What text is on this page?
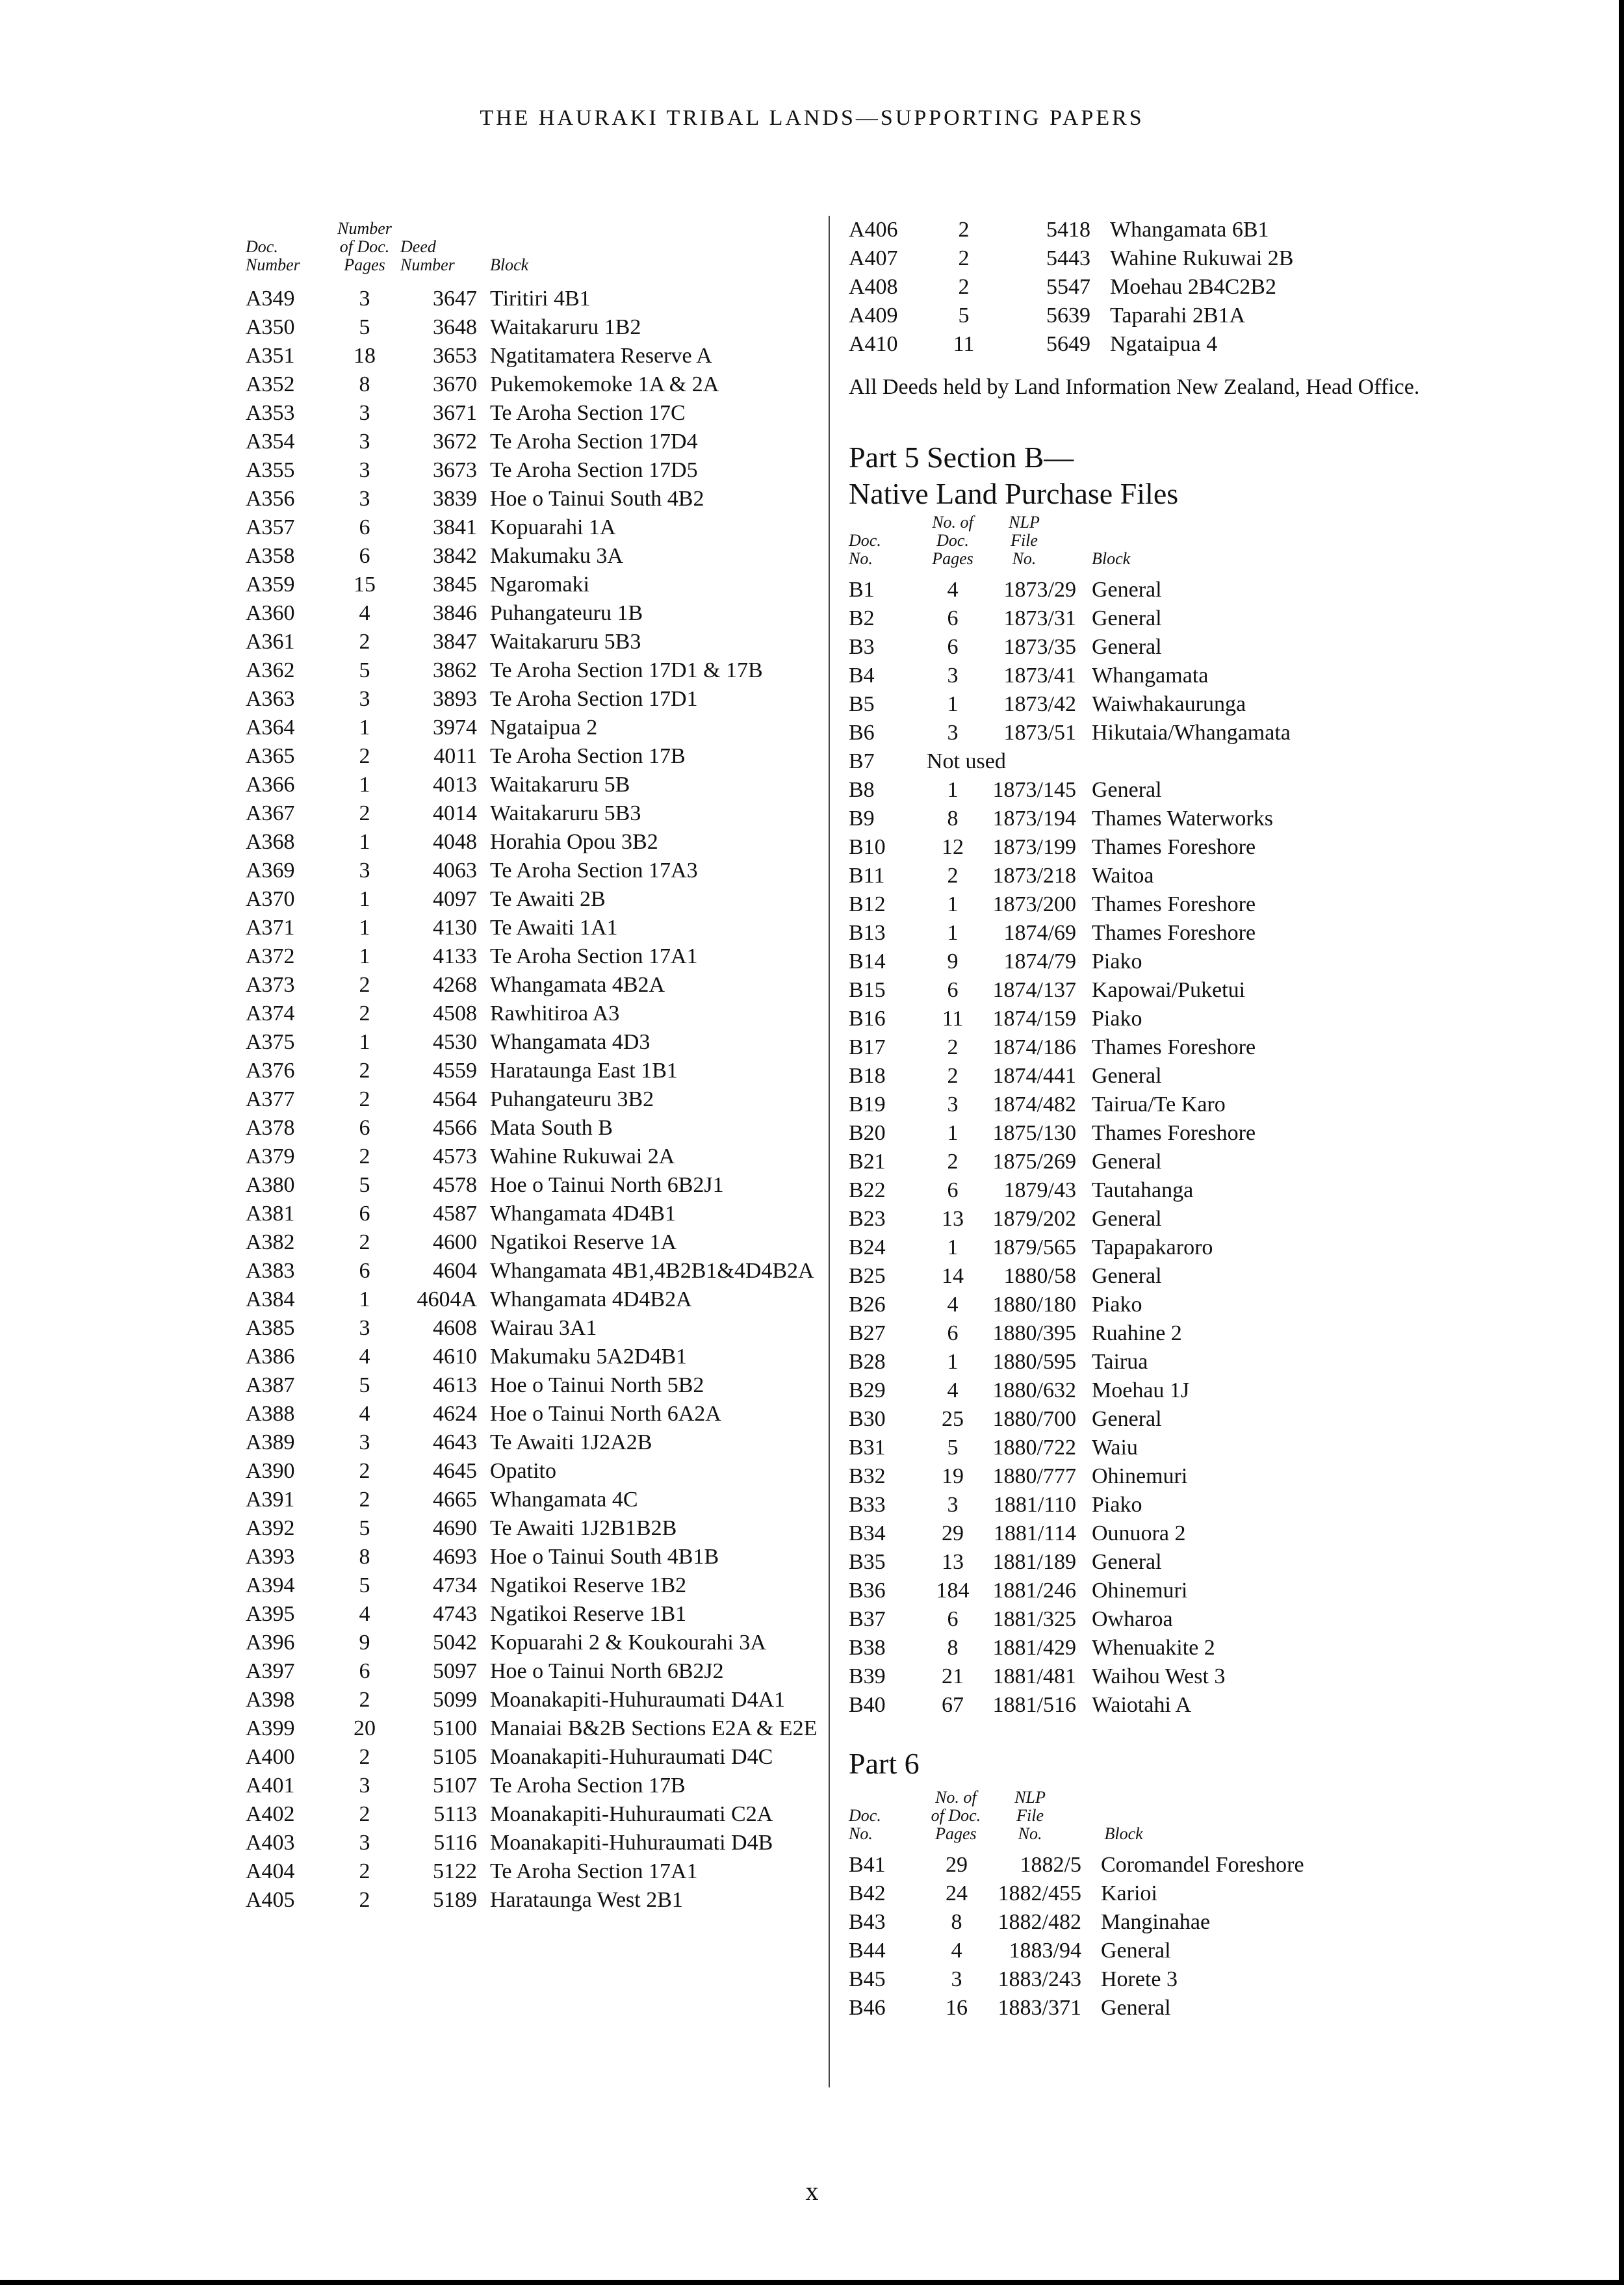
THE HAURAKI TRIBAL LANDS—SUPPORTING PAPERS
Doc.
Number
Number
of Doc.
Pages
Deed
Number	Block
A349	3	3647 Tiritiri 4B1
A350	5	3648 Waitakaruru 1B2
A351	18	3653 Ngatitamatera Reserve A
A352	8	3670 Pukemokemoke 1A & 2A
A353	3	3671 Te Aroha Section 17C
A354	3	3672 Te Aroha Section 17D4
A355	3	3673 Te Aroha Section 17D5
A356	3	3839 Hoe o Tainui South 4B2
A357	6	3841 Kopuarahi 1A
A358	6	3842 Makumaku 3A
A359	15	3845 Ngaromaki
A360	4	3846 Puhangateuru 1B
A361	2	3847 Waitakaruru 5B3
A362	5	3862 Te Aroha Section 17D1 & 17B
A363	3	3893 Te Aroha Section 17D1
A364	1	3974 Ngataipua 2
A365	2	4011 Te Aroha Section 17B
A366	1	4013 Waitakaruru 5B
A367	2	4014 Waitakaruru 5B3
A368	1	4048 Horahia Opou 3B2
A369	3	4063 Te Aroha Section 17A3
A370	1	4097 Te Awaiti 2B
A371	1	4130 Te Awaiti 1A1
A372	1	4133 Te Aroha Section 17A1
A373	2	4268 Whangamata 4B2A
A374	2	4508 Rawhitiroa A3
A375	1	4530 Whangamata 4D3
A376	2	4559 Harataunga East 1B1
A377	2	4564 Puhangateuru 3B2
A378	6	4566 Mata South B
A379	2	4573 Wahine Rukuwai 2A
A380	5	4578 Hoe o Tainui North 6B2J1
A381	6	4587 Whangamata 4D4B1
A382	2	4600 Ngatikoi Reserve 1A
A383	6	4604 Whangamata 4B1,4B2B1&4D4B2A
A384	1	4604A Whangamata 4D4B2A
A385	3	4608 Wairau 3A1
A386	4	4610 Makumaku 5A2D4B1
A387	5	4613 Hoe o Tainui North 5B2
A388	4	4624 Hoe o Tainui North 6A2A
A389	3	4643 Te Awaiti 1J2A2B
A390	2	4645 Opatito
A391	2	4665 Whangamata 4C
A392	5	4690 Te Awaiti 1J2B1B2B
A393	8	4693 Hoe o Tainui South 4B1B
A394	5	4734 Ngatikoi Reserve 1B2
A395	4	4743 Ngatikoi Reserve 1B1
A396	9	5042 Kopuarahi 2 & Koukourahi 3A
A397	6	5097 Hoe o Tainui North 6B2J2
A398	2	5099 Moanakapiti-Huhuraumati D4A1
A399	20	5100 Manaiai B&2B Sections E2A & E2E
A400	2	5105 Moanakapiti-Huhuraumati D4C
A401	3	5107 Te Aroha Section 17B
A402	2	5113 Moanakapiti-Huhuraumati C2A
A403	3	5116 Moanakapiti-Huhuraumati D4B
A404	2	5122 Te Aroha Section 17A1
A405	2	5189 Harataunga West 2B1
A406	2	5418 Whangamata 6B1
A407	2	5443 Wahine Rukuwai 2B
A408	2	5547 Moehau 2B4C2B2
A409	5	5639 Taparahi 2B1A
A410	11	5649 Ngataipua 4
All Deeds held by Land Information New Zealand, Head Office.
Part 5 Section B—
Native Land Purchase Files
Doc.
No.
No. of
Doc.
Pages
NLP
File
No.	Block
B1	4	1873/29 General
B2	6	1873/31 General
B3	6	1873/35 General
B4	3	1873/41 Whangamata
B5	1	1873/42 Waiwhakaurunga
B6	3	1873/51 Hikutaia/Whangamata
B7	Not used
B8	1	1873/145 General
B9	8	1873/194 Thames Waterworks
B10	12	1873/199 Thames Foreshore
B11	2	1873/218 Waitoa
B12	1	1873/200 Thames Foreshore
B13	1	1874/69 Thames Foreshore
B14	9	1874/79 Piako
B15	6	1874/137 Kapowai/Puketui
B16	11	1874/159 Piako
B17	2	1874/186 Thames Foreshore
B18	2	1874/441 General
B19	3	1874/482 Tairua/Te Karo
B20	1	1875/130 Thames Foreshore
B21	2	1875/269 General
B22	6	1879/43 Tautahanga
B23	13	1879/202 General
B24	1	1879/565 Tapapakaroro
B25	14	1880/58 General
B26	4	1880/180 Piako
B27	6	1880/395 Ruahine 2
B28	1	1880/595 Tairua
B29	4	1880/632 Moehau 1J
B30	25	1880/700 General
B31	5	1880/722 Waiu
B32	19	1880/777 Ohinemuri
B33	3	1881/110 Piako
B34	29	1881/114 Ounuora 2
B35	13	1881/189 General
B36	184	1881/246 Ohinemuri
B37	6	1881/325 Owharoa
B38	8	1881/429 Whenuakite 2
B39	21	1881/481 Waihou West 3
B40	67	1881/516 Waiotahi A
Part 6
Doc.
No.
No. of
of Doc.
Pages
NLP
File
No.	Block
B41	29	1882/5 Coromandel Foreshore
B42	24	1882/455 Karioi
B43	8	1882/482 Manginahae
B44	4	1883/94 General
B45	3	1883/243 Horete 3
B46	16	1883/371 General
x
